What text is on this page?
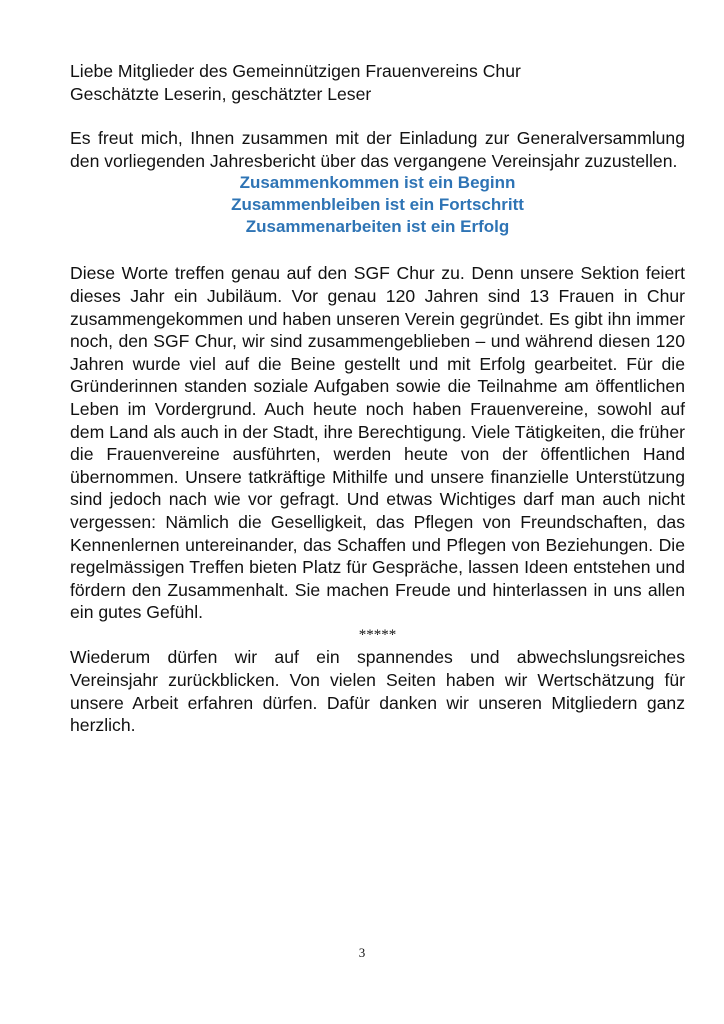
Liebe Mitglieder des Gemeinnützigen Frauenvereins Chur

Geschätzte Leserin, geschätzter Leser

Es freut mich, Ihnen zusammen mit der Einladung zur Generalversammlung den vorliegenden Jahresbericht über das vergangene Vereinsjahr zuzustellen.

Zusammenkommen ist ein Beginn

Zusammenbleiben ist ein Fortschritt

Zusammenarbeiten ist ein Erfolg

Diese Worte treffen genau auf den SGF Chur zu. Denn unsere Sektion feiert dieses Jahr ein Jubiläum. Vor genau 120 Jahren sind 13 Frauen in Chur zusammengekommen und haben unseren Verein gegründet. Es gibt ihn immer noch, den SGF Chur, wir sind zusammengeblieben – und während diesen 120 Jahren wurde viel auf die Beine gestellt und mit Erfolg gearbeitet. Für die Gründerinnen standen soziale Aufgaben sowie die Teilnahme am öffentlichen Leben im Vordergrund. Auch heute noch haben Frauenvereine, sowohl auf dem Land als auch in der Stadt, ihre Berechtigung. Viele Tätigkeiten, die früher die Frauenvereine ausführten, werden heute von der öffentlichen Hand übernommen. Unsere tatkräftige Mithilfe und unsere finanzielle Unterstützung sind jedoch nach wie vor gefragt. Und etwas Wichtiges darf man auch nicht vergessen: Nämlich die Geselligkeit, das Pflegen von Freundschaften, das Kennenlernen untereinander, das Schaffen und Pflegen von Beziehungen. Die regelmässigen Treffen bieten Platz für Gespräche, lassen Ideen entstehen und fördern den Zusammenhalt. Sie machen Freude und hinterlassen in uns allen ein gutes Gefühl.

*****

Wiederum dürfen wir auf ein spannendes und abwechslungsreiches Vereinsjahr zurückblicken. Von vielen Seiten haben wir Wertschätzung für unsere Arbeit erfahren dürfen. Dafür danken wir unseren Mitgliedern ganz herzlich.

3
